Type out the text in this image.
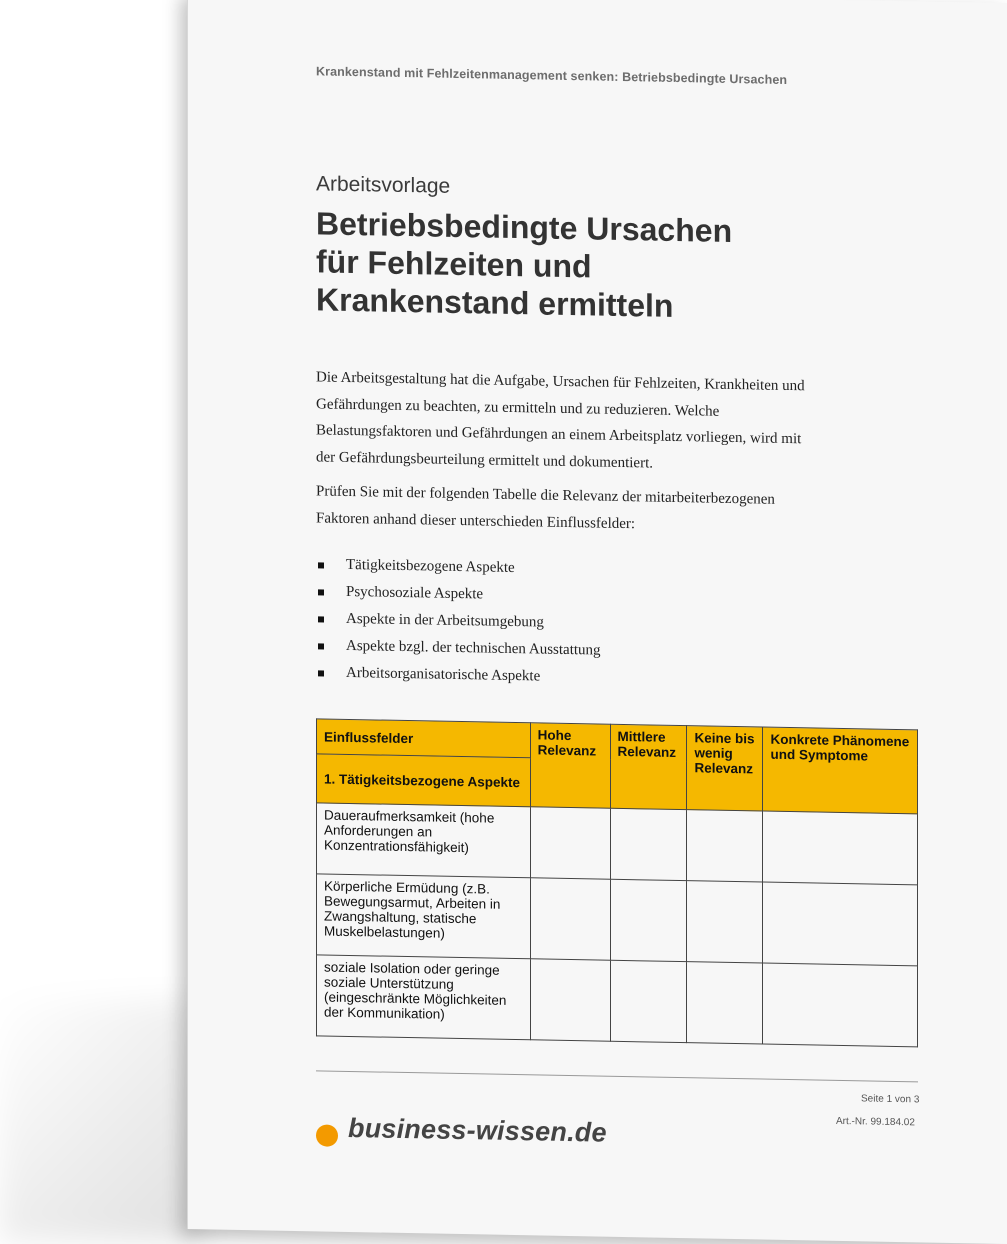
Krankenstand mit Fehlzeitenmanagement senken: Betriebsbedingte Ursachen
Arbeitsvorlage
Betriebsbedingte Ursachen
für Fehlzeiten und
Krankenstand ermitteln

Die Arbeitsgestaltung hat die Aufgabe, Ursachen für Fehlzeiten, Krankheiten und Gefährdungen zu beachten, zu ermitteln und zu reduzieren. Welche Belastungsfaktoren und Gefährdungen an einem Arbeitsplatz vorliegen, wird mit der Gefährdungsbeurteilung ermittelt und dokumentiert.

Prüfen Sie mit der folgenden Tabelle die Relevanz der mitarbeiterbezogenen Faktoren anhand dieser unterschieden Einflussfelder:

Tätigkeitsbezogene Aspekte
Psychosoziale Aspekte
Aspekte in der Arbeitsumgebung
Aspekte bzgl. der technischen Ausstattung
Arbeitsorganisatorische Aspekte
Einflussfelder	Hohe Relevanz	Mittlere Relevanz	Keine bis wenig Relevanz	Konkrete Phänomene und Symptome
1. Tätigkeitsbezogene Aspekte				
Daueraufmerksamkeit (hohe Anforderungen an Konzentrationsfähigkeit)				
Körperliche Ermüdung (z.B. Bewegungsarmut, Arbeiten in Zwangshaltung, statische Muskelbelastungen)				
soziale Isolation oder geringe soziale Unterstützung (eingeschränkte Möglichkeiten der Kommunikation)				
Seite 1 von 3
Art.-Nr. 99.184.02
business-wissen.de
